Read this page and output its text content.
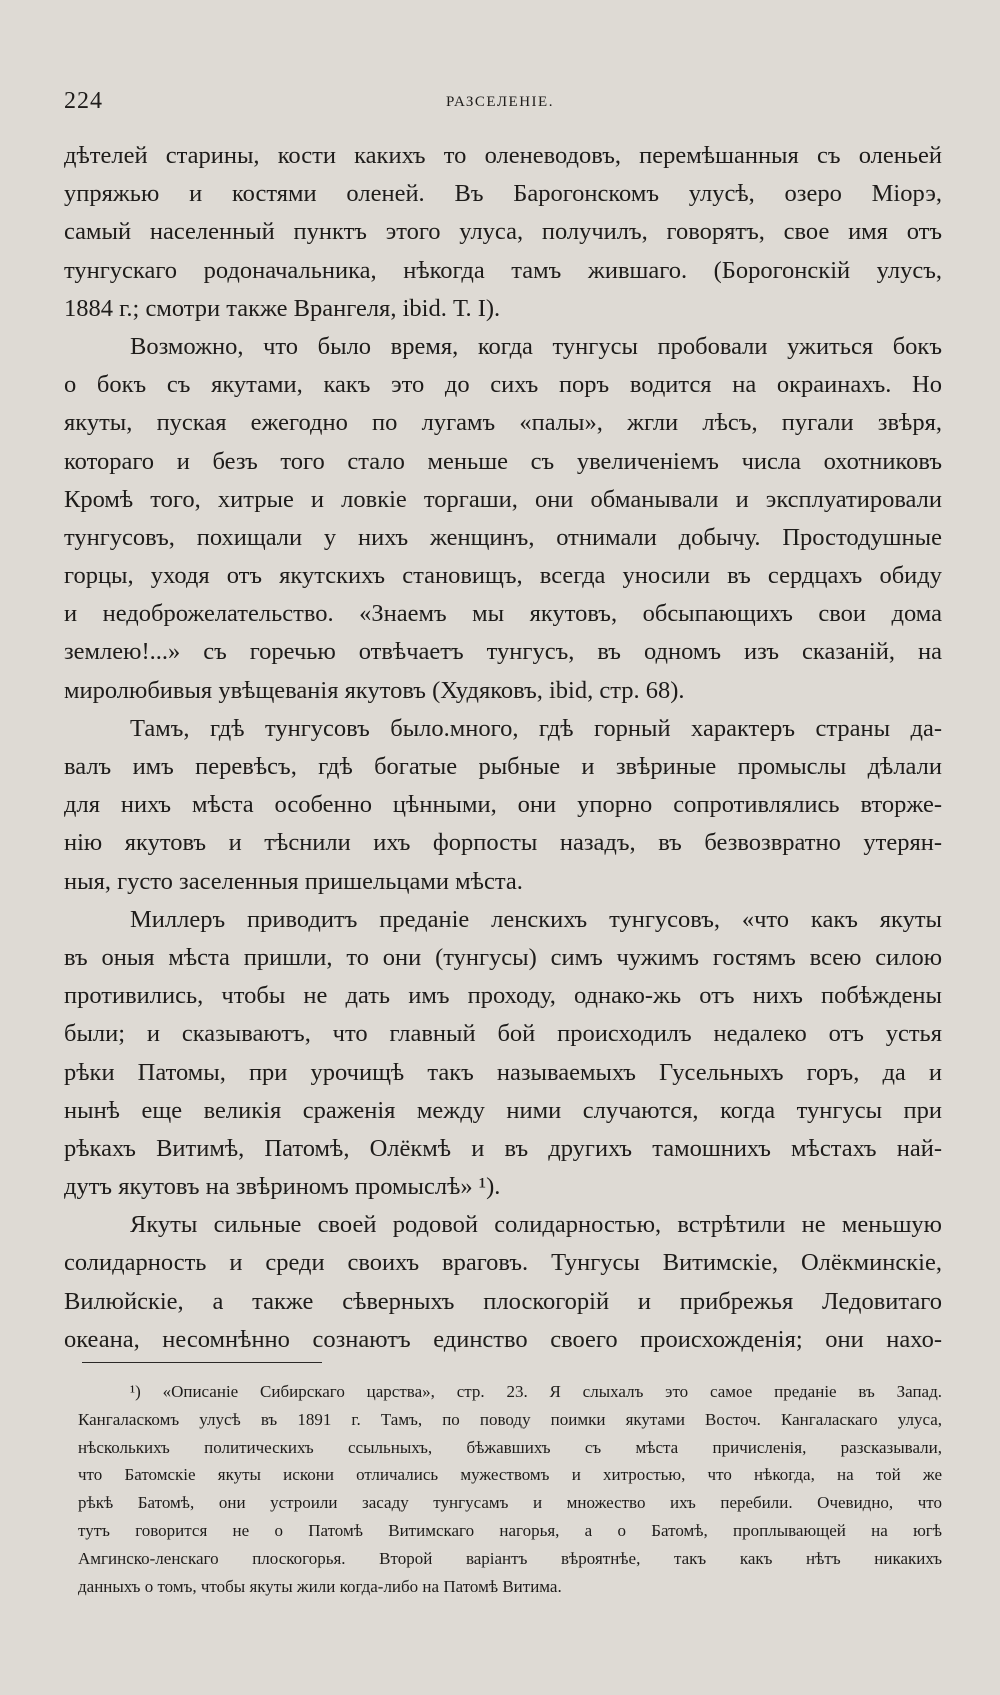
224	РАЗСЕЛЕНІЕ.

дѣтелей старины, кости какихъ то оленеводовъ, перемѣшанныя съ оленьей

упряжью и костями оленей. Въ Барогонскомъ улусѣ, озеро Міорэ,

самый населенный пунктъ этого улуса, получилъ, говорятъ, свое имя отъ

тунгускаго родоначальника, нѣкогда тамъ жившаго. (Борогонскій улусъ,

1884 г.; смотри также Врангеля, ibid. Т. I).

Возможно, что было время, когда тунгусы пробовали ужиться бокъ

о бокъ съ якутами, какъ это до сихъ поръ водится на окраинахъ. Но

якуты, пуская ежегодно по лугамъ «палы», жгли лѣсъ, пугали звѣря,

котораго и безъ того стало меньше съ увеличеніемъ числа охотниковъ

Кромѣ того, хитрые и ловкіе торгаши, они обманывали и эксплуатировали

тунгусовъ, похищали у нихъ женщинъ, отнимали добычу. Простодушные

горцы, уходя отъ якутскихъ становищъ, всегда уносили въ сердцахъ обиду

и недоброжелательство. «Знаемъ мы якутовъ, обсыпающихъ свои дома

землею!...» съ горечью отвѣчаетъ тунгусъ, въ одномъ изъ сказаній, на

миролюбивыя увѣщеванія якутовъ (Худяковъ, ibid, стр. 68).

Тамъ, гдѣ тунгусовъ было.много, гдѣ горный характеръ страны да-

валъ имъ перевѣсъ, гдѣ богатые рыбные и звѣриные промыслы дѣлали

для нихъ мѣста особенно цѣнными, они упорно сопротивлялись вторже-

нію якутовъ и тѣснили ихъ форпосты назадъ, въ безвозвратно утерян-

ныя, густо заселенныя пришельцами мѣста.

Миллеръ приводитъ преданіе ленскихъ тунгусовъ, «что какъ якуты

въ оныя мѣста пришли, то они (тунгусы) симъ чужимъ гостямъ всею силою

противились, чтобы не дать имъ проходу, однако-жь отъ нихъ побѣждены

были; и сказываютъ, что главный бой происходилъ недалеко отъ устья

рѣки Патомы, при урочищѣ такъ называемыхъ Гусельныхъ горъ, да и

нынѣ еще великія сраженія между ними случаются, когда тунгусы при

рѣкахъ Витимѣ, Патомѣ, Олёкмѣ и въ другихъ тамошнихъ мѣстахъ най-

дутъ якутовъ на звѣриномъ промыслѣ» ¹).

Якуты сильные своей родовой солидарностью, встрѣтили не меньшую

солидарность и среди своихъ враговъ. Тунгусы Витимскіе, Олёкминскіе,

Вилюйскіе, а также сѣверныхъ плоскогорій и прибрежья Ледовитаго

океана, несомнѣнно сознаютъ единство своего происхожденія; они нахо-

¹) «Описаніе Сибирскаго царства», стр. 23. Я слыхалъ это самое преданіе въ Запад.

Кангаласкомъ улусѣ въ 1891 г. Тамъ, по поводу поимки якутами Восточ. Кангаласкаго улуса,

нѣсколькихъ политическихъ ссыльныхъ, бѣжавшихъ съ мѣста причисленія, разсказывали,

что Батомскіе якуты искони отличались мужествомъ и хитростью, что нѣкогда, на той же

рѣкѣ Батомѣ, они устроили засаду тунгусамъ и множество ихъ перебили. Очевидно, что

тутъ говорится не о Патомѣ Витимскаго нагорья, а о Батомѣ, проплывающей на югѣ

Амгинско-ленскаго плоскогорья. Второй варіантъ вѣроятнѣе, такъ какъ нѣтъ никакихъ

данныхъ о томъ, чтобы якуты жили когда-либо на Патомѣ Витима.
